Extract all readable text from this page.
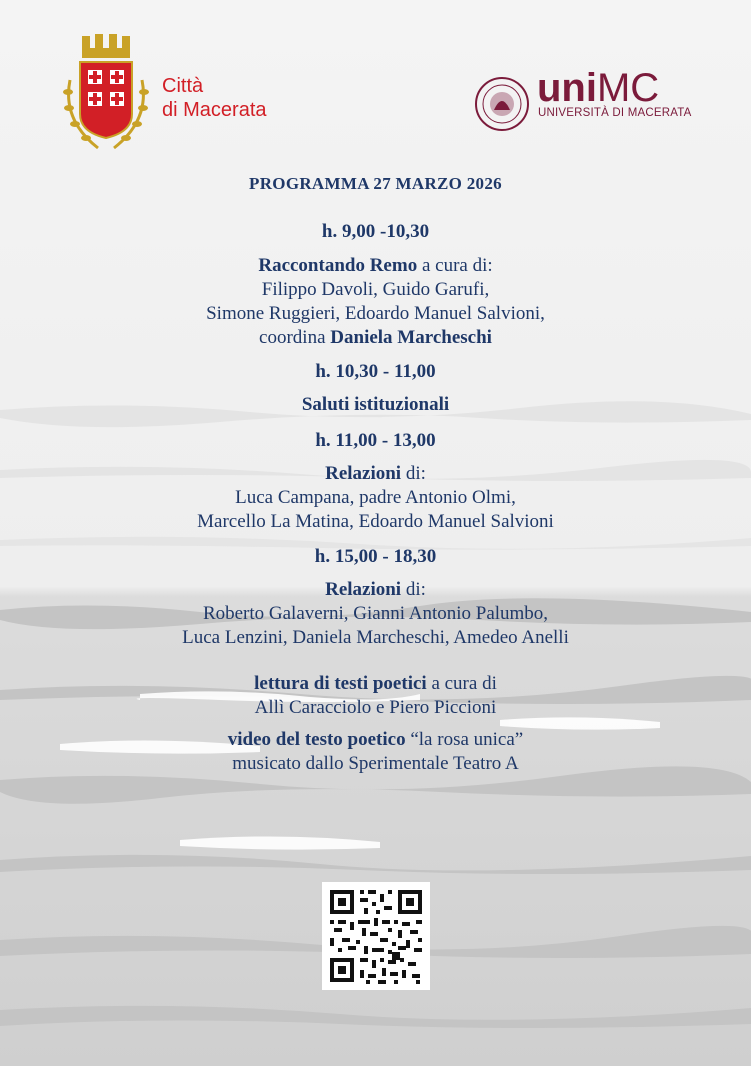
Città
di Macerata	uniMC
UNIVERSITÀ DI MACERATA
PROGRAMMA 27 MARZO 2026
h. 9,00 -10,30
Raccontando Remo a cura di:
Filippo Davoli, Guido Garufi,
Simone Ruggieri, Edoardo Manuel Salvioni,
coordina Daniela Marcheschi
h. 10,30 - 11,00
Saluti istituzionali
h. 11,00 - 13,00
Relazioni di:
Luca Campana, padre Antonio Olmi,
Marcello La Matina, Edoardo Manuel Salvioni
h. 15,00 - 18,30
Relazioni di:
Roberto Galaverni, Gianni Antonio Palumbo,
Luca Lenzini, Daniela Marcheschi, Amedeo Anelli
lettura di testi poetici a cura di
Allì Caracciolo e Piero Piccioni
video del testo poetico “la rosa unica”
musicato dallo Sperimentale Teatro A
